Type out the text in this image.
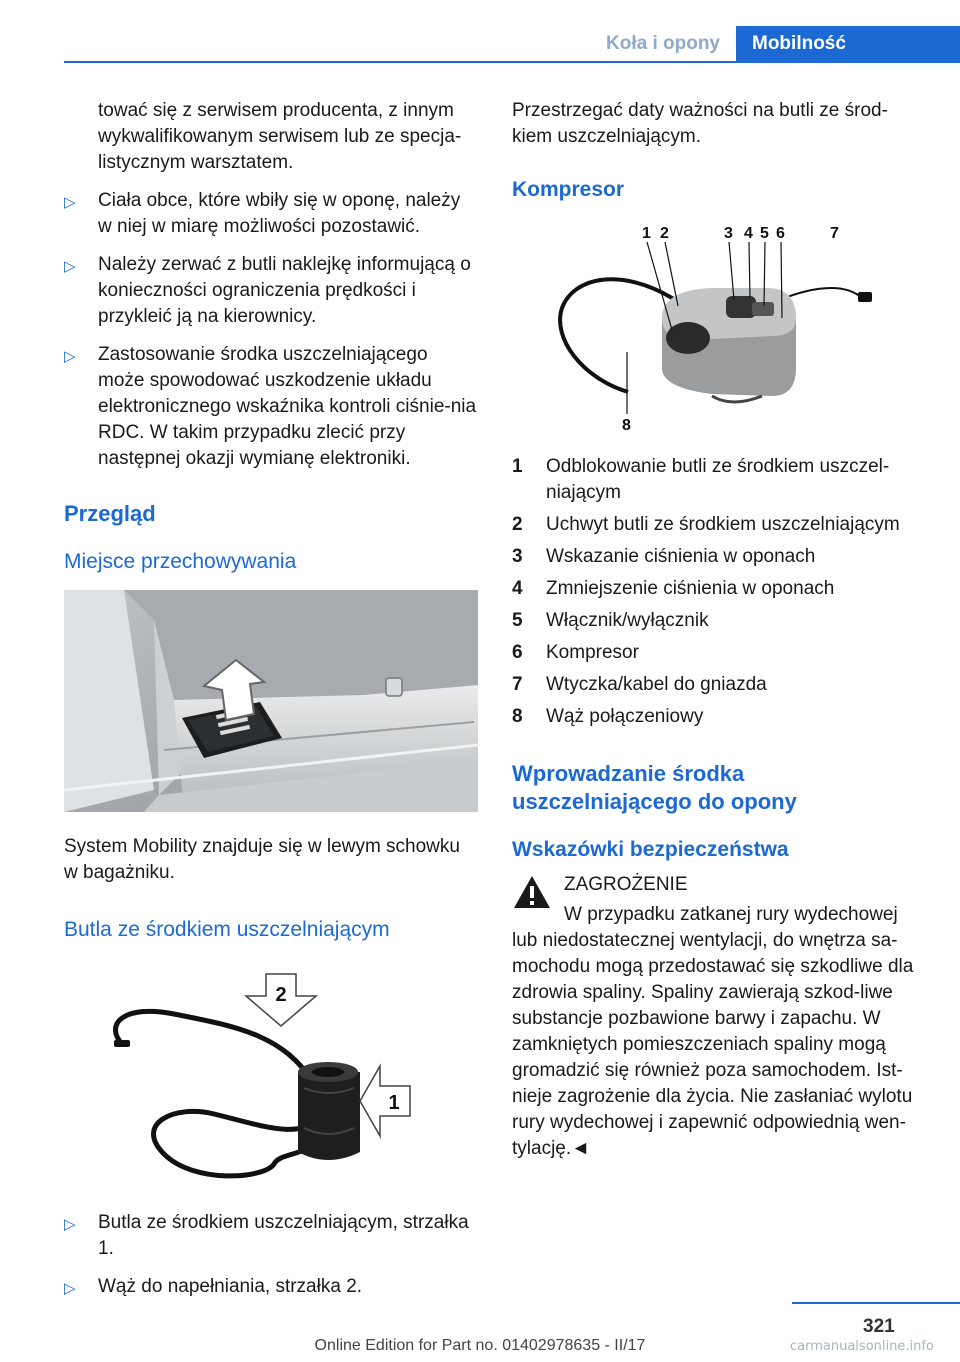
Koła i opony	Mobilność

tować się z serwisem producenta, z innym wykwalifikowanym serwisem lub ze specja-listycznym warsztatem.

▷ Ciała obce, które wbiły się w oponę, należy w niej w miarę możliwości pozostawić.
▷ Należy zerwać z butli naklejkę informującą o konieczności ograniczenia prędkości i przykleić ją na kierownicy.
▷ Zastosowanie środka uszczelniającego może spowodować uszkodzenie układu elektronicznego wskaźnika kontroli ciśnie-nia RDC. W takim przypadku zlecić przy następnej okazji wymianę elektroniki.
Przegląd
Miejsce przechowywania

System Mobility znajduje się w lewym schowku w bagażniku.

Butla ze środkiem uszczelniającym
2
1
▷ Butla ze środkiem uszczelniającym, strzałka 1.
▷ Wąż do napełniania, strzałka 2.

Przestrzegać daty ważności na butli ze środ-kiem uszczelniającym.

Kompresor
1 2	3 4 5 6	7
8
1	Odblokowanie butli ze środkiem uszczel-niającym
2	Uchwyt butli ze środkiem uszczelniającym
3	Wskazanie ciśnienia w oponach
4	Zmniejszenie ciśnienia w oponach
5	Włącznik/wyłącznik
6	Kompresor
7	Wtyczka/kabel do gniazda
8	Wąż połączeniowy
Wprowadzanie środka uszczelniającego do opony
Wskazówki bezpieczeństwa
ZAGROŻENIE

W przypadku zatkanej rury wydechowej lub niedostatecznej wentylacji, do wnętrza sa-mochodu mogą przedostawać się szkodliwe dla zdrowia spaliny. Spaliny zawierają szkod-liwe substancje pozbawione barwy i zapachu. W zamkniętych pomieszczeniach spaliny mogą gromadzić się również poza samochodem. Ist-nieje zagrożenie dla życia. Nie zasłaniać wylotu rury wydechowej i zapewnić odpowiednią wen-tylację.◄

321
Online Edition for Part no. 01402978635 - II/17	carmanualsonline.info
